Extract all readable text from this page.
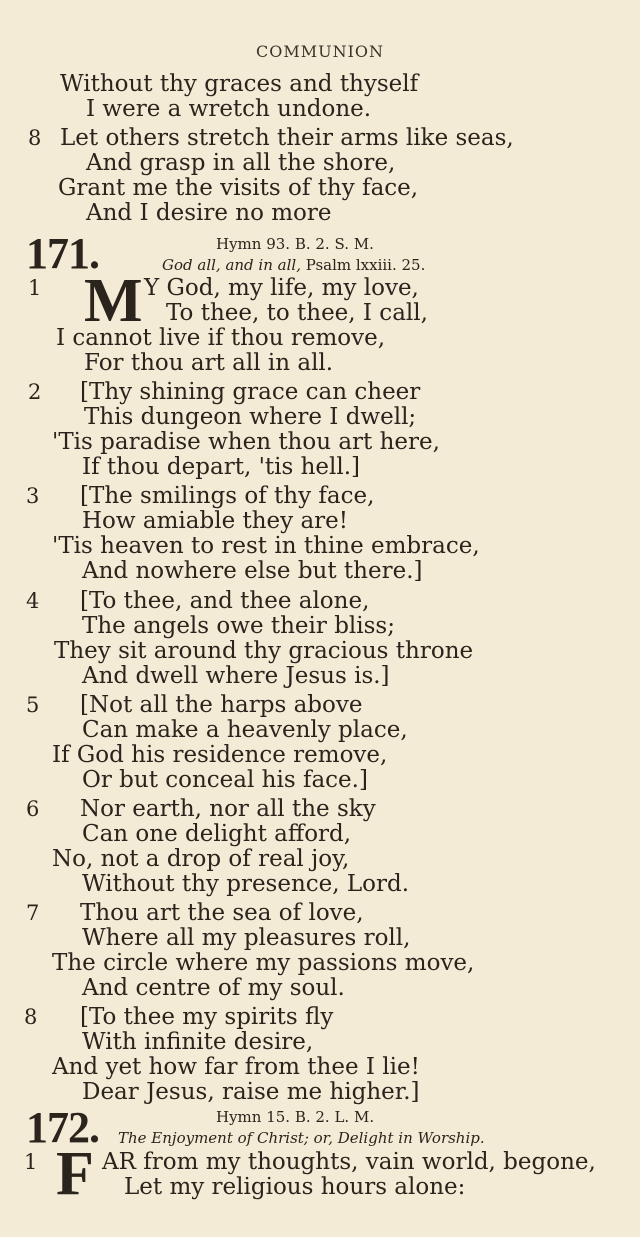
COMMUNION
Without thy graces and thyself
I were a wretch undone.
8 Let others stretch their arms like seas,
And grasp in all the shore,
Grant me the visits of thy face,
And I desire no more
171.	Hymn 93. B. 2. S. M.
God all, and in all, Psalm lxxiii. 25.
1 M Y God, my life, my love,
To thee, to thee, I call,
I cannot live if thou remove,
For thou art all in all.
2 [Thy shining grace can cheer
This dungeon where I dwell;
'Tis paradise when thou art here,
If thou depart, 'tis hell.]
3 [The smilings of thy face,
How amiable they are!
'Tis heaven to rest in thine embrace,
And nowhere else but there.]
4 [To thee, and thee alone,
The angels owe their bliss;
They sit around thy gracious throne
And dwell where Jesus is.]
5 [Not all the harps above
Can make a heavenly place,
If God his residence remove,
Or but conceal his face.]
6 Nor earth, nor all the sky
Can one delight afford,
No, not a drop of real joy,
Without thy presence, Lord.
7 Thou art the sea of love,
Where all my pleasures roll,
The circle where my passions move,
And centre of my soul.
8 [To thee my spirits fly
With infinite desire,
And yet how far from thee I lie!
Dear Jesus, raise me higher.]
172.	Hymn 15. B. 2. L. M.
The Enjoyment of Christ; or, Delight in Worship.
1 F AR from my thoughts, vain world, begone,
Let my religious hours alone:
